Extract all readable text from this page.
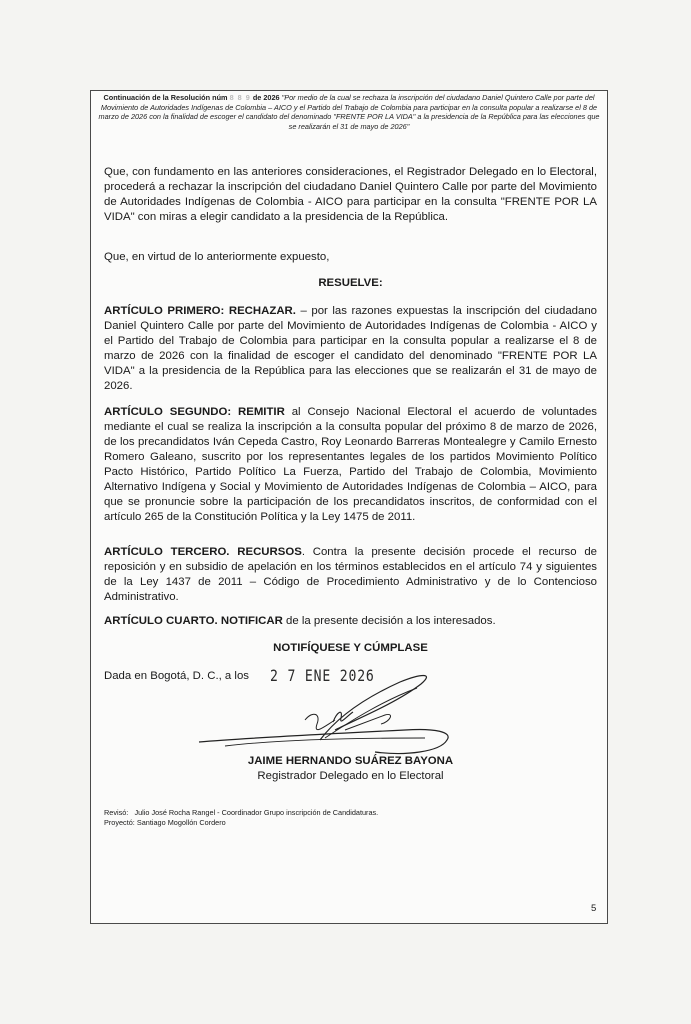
Continuación de la Resolución núm 8 8 9 de 2026 "Por medio de la cual se rechaza la inscripción del ciudadano Daniel Quintero Calle por parte del Movimiento de Autoridades Indígenas de Colombia – AICO y el Partido del Trabajo de Colombia para participar en la consulta popular a realizarse el 8 de marzo de 2026 con la finalidad de escoger el candidato del denominado "FRENTE POR LA VIDA" a la presidencia de la República para las elecciones que se realizarán el 31 de mayo de 2026"
Que, con fundamento en las anteriores consideraciones, el Registrador Delegado en lo Electoral, procederá a rechazar la inscripción del ciudadano Daniel Quintero Calle por parte del Movimiento de Autoridades Indígenas de Colombia - AICO para participar en la consulta "FRENTE POR LA VIDA" con miras a elegir candidato a la presidencia de la República.
Que, en virtud de lo anteriormente expuesto,
RESUELVE:
ARTÍCULO PRIMERO: RECHAZAR. – por las razones expuestas la inscripción del ciudadano Daniel Quintero Calle por parte del Movimiento de Autoridades Indígenas de Colombia - AICO y el Partido del Trabajo de Colombia para participar en la consulta popular a realizarse el 8 de marzo de 2026 con la finalidad de escoger el candidato del denominado "FRENTE POR LA VIDA" a la presidencia de la República para las elecciones que se realizarán el 31 de mayo de 2026.
ARTÍCULO SEGUNDO: REMITIR al Consejo Nacional Electoral el acuerdo de voluntades mediante el cual se realiza la inscripción a la consulta popular del próximo 8 de marzo de 2026, de los precandidatos Iván Cepeda Castro, Roy Leonardo Barreras Montealegre y Camilo Ernesto Romero Galeano, suscrito por los representantes legales de los partidos Movimiento Político Pacto Histórico, Partido Político La Fuerza, Partido del Trabajo de Colombia, Movimiento Alternativo Indígena y Social y Movimiento de Autoridades Indígenas de Colombia – AICO, para que se pronuncie sobre la participación de los precandidatos inscritos, de conformidad con el artículo 265 de la Constitución Política y la Ley 1475 de 2011.
ARTÍCULO TERCERO. RECURSOS. Contra la presente decisión procede el recurso de reposición y en subsidio de apelación en los términos establecidos en el artículo 74 y siguientes de la Ley 1437 de 2011 – Código de Procedimiento Administrativo y de lo Contencioso Administrativo.
ARTÍCULO CUARTO. NOTIFICAR de la presente decisión a los interesados.
NOTIFÍQUESE Y CÚMPLASE
Dada en Bogotá, D. C., a los 2 7 ENE 2026
JAIME HERNANDO SUÁREZ BAYONA
Registrador Delegado en lo Electoral
Revisó: Julio José Rocha Rangel - Coordinador Grupo inscripción de Candidaturas.
Proyectó: Santiago Mogollón Cordero
5
